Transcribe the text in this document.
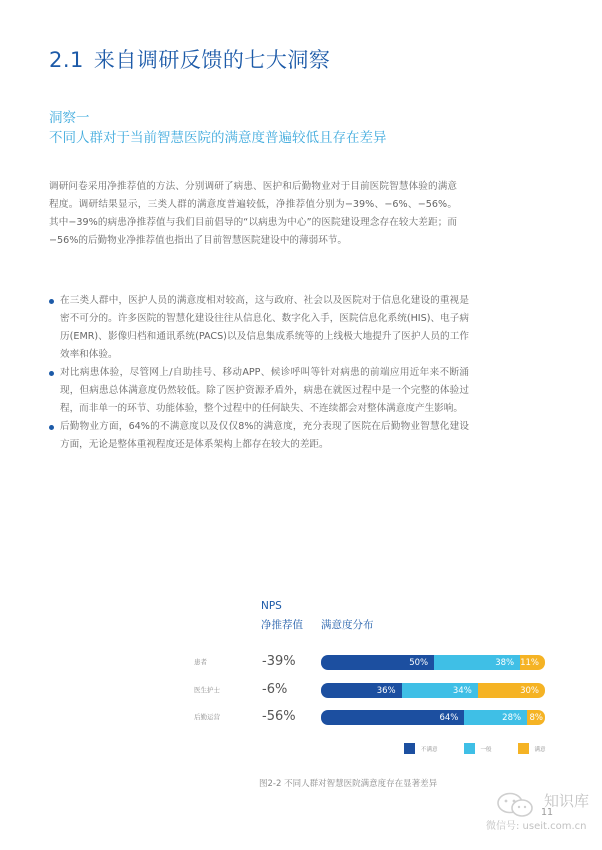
2.1 来自调研反馈的七大洞察
洞察一
不同人群对于当前智慧医院的满意度普遍较低且存在差异

调研问卷采用净推荐值的方法、分别调研了病患、医护和后勤物业对于目前医院智慧体验的满意程度。调研结果显示，三类人群的满意度普遍较低，净推荐值分别为−39%、−6%、−56%。其中−39%的病患净推荐值与我们目前倡导的“以病患为中心”的医院建设理念存在较大差距；而−56%的后勤物业净推荐值也指出了目前智慧医院建设中的薄弱环节。

在三类人群中，医护人员的满意度相对较高，这与政府、社会以及医院对于信息化建设的重视是密不可分的。许多医院的智慧化建设往往从信息化、数字化入手，医院信息化系统(HIS)、电子病历(EMR)、影像归档和通讯系统(PACS)以及信息集成系统等的上线极大地提升了医护人员的工作效率和体验。
对比病患体验，尽管网上/自助挂号、移动APP、候诊呼叫等针对病患的前端应用近年来不断涌现，但病患总体满意度仍然较低。除了医护资源矛盾外，病患在就医过程中是一个完整的体验过程，而非单一的环节、功能体验，整个过程中的任何缺失、不连续都会对整体满意度产生影响。
后勤物业方面，64%的不满意度以及仅仅8%的满意度，充分表现了医院在后勤物业智慧化建设方面，无论是整体重视程度还是体系架构上都存在较大的差距。
NPS
净推荐值 满意度分布
患者	-39%	50%	38% 11%
医生护士	-6%	36%	34%	30%
后勤运营	-56%	64%	28% 8%
不满意	一般	满意
图2-2 不同人群对智慧医院满意度存在显著差异
知识库
微信号: useit.com.cn
11
